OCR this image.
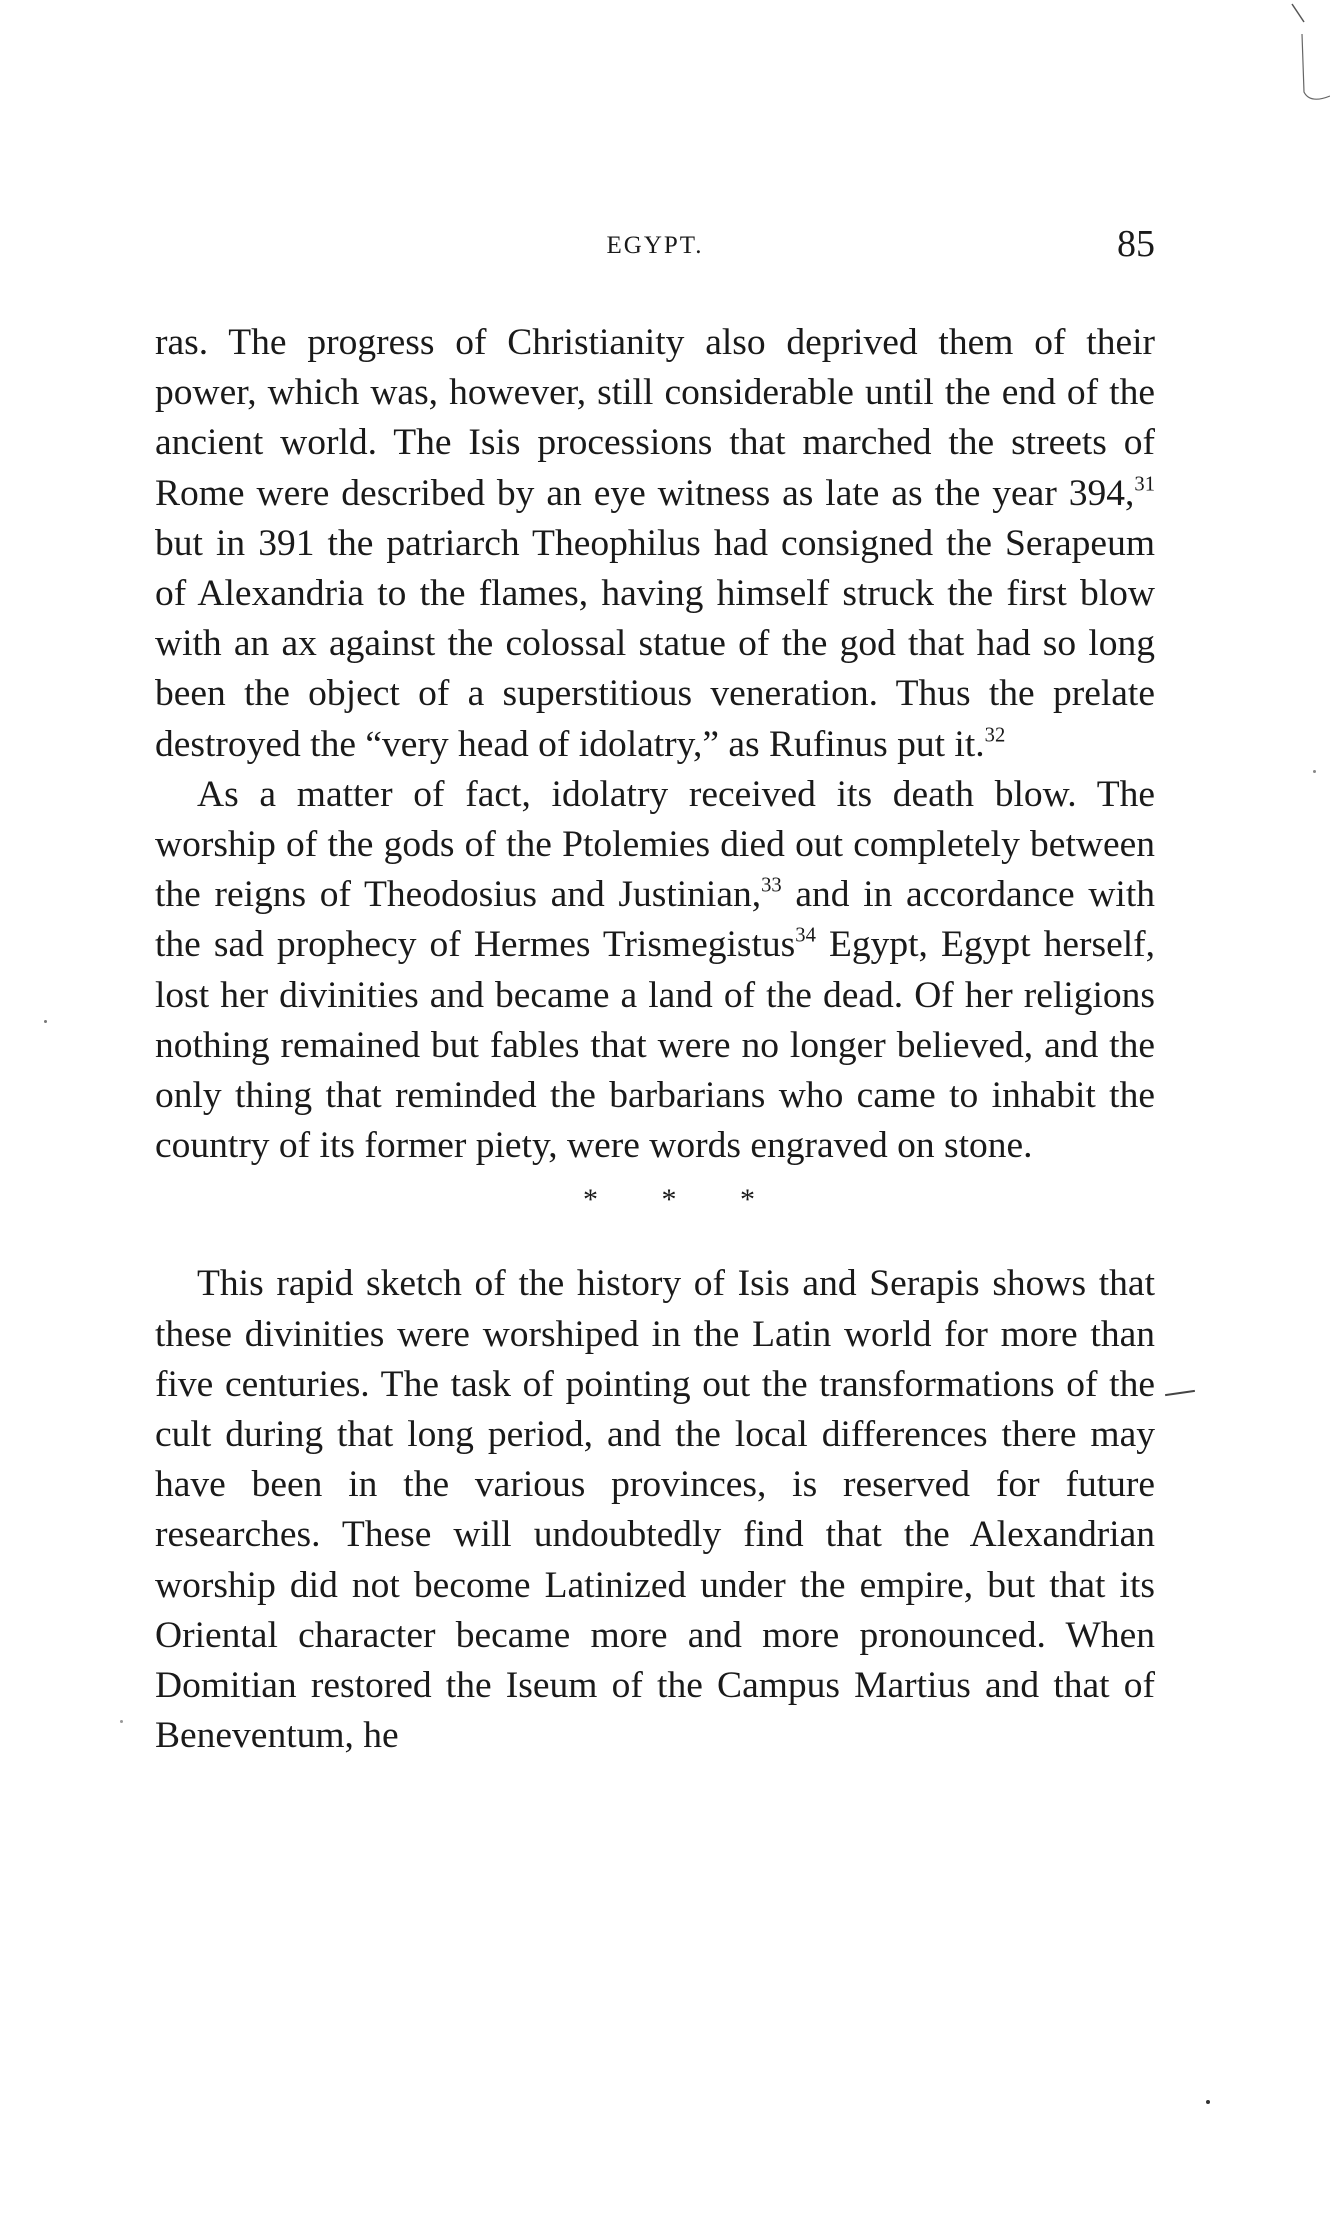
EGYPT.	85

ras. The progress of Christianity also deprived them of their power, which was, however, still considerable until the end of the ancient world. The Isis processions that marched the streets of Rome were described by an eye witness as late as the year 394,31 but in 391 the patriarch Theophilus had consigned the Serapeum of Alexandria to the flames, having himself struck the first blow with an ax against the colossal statue of the god that had so long been the object of a superstitious veneration. Thus the prelate destroyed the “very head of idolatry,” as Rufinus put it.$^{32}$

As a matter of fact, idolatry received its death blow. The worship of the gods of the Ptolemies died out completely between the reigns of Theodosius and Justinian,$^{33}$ and in accordance with the sad prophecy of Hermes Trismegistus$^{34}$ Egypt, Egypt herself, lost her divinities and became a land of the dead. Of her religions nothing remained but fables that were no longer believed, and the only thing that reminded the barbarians who came to inhabit the country of its former piety, were words engraved on stone.

* * *

This rapid sketch of the history of Isis and Serapis shows that these divinities were worshiped in the Latin world for more than five centuries. The task of pointing out the transformations of the cult during that long period, and the local differences there may have been in the various provinces, is reserved for future researches. These will undoubtedly find that the Alexandrian worship did not become Latinized under the empire, but that its Oriental character became more and more pronounced. When Domitian restored the Iseum of the Campus Martius and that of Beneventum, he
